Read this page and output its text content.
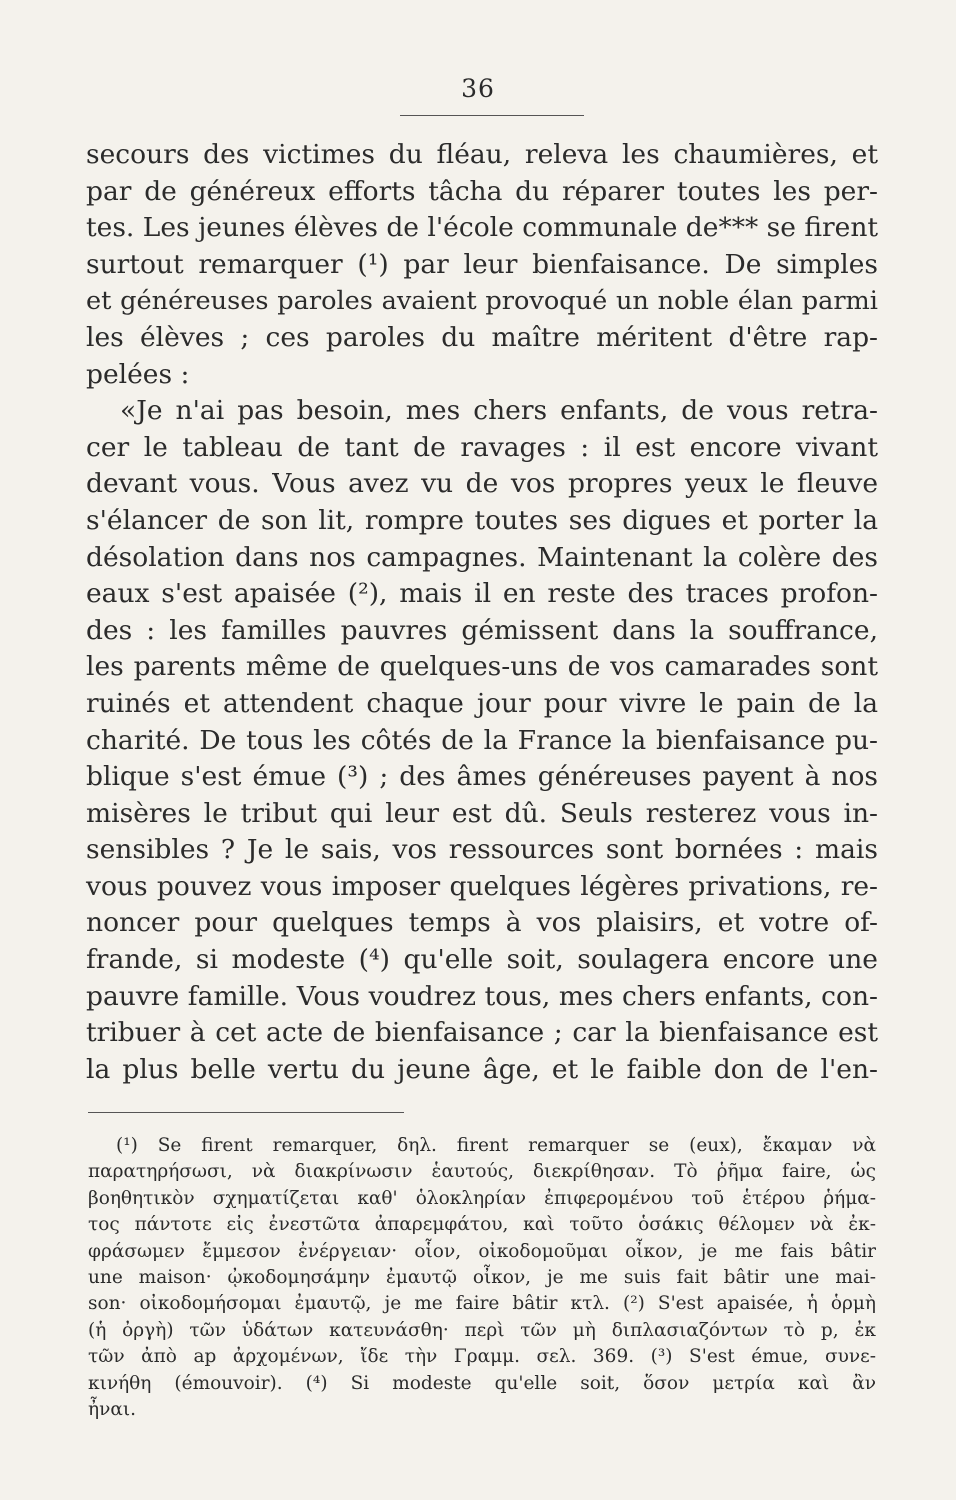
36
secours des victimes du fléau, releva les chaumières, et
par de généreux efforts tâcha du réparer toutes les per-
tes. Les jeunes élèves de l'école communale de*** se firent
surtout remarquer (¹) par leur bienfaisance. De simples
et généreuses paroles avaient provoqué un noble élan parmi
les élèves ; ces paroles du maître méritent d'être rap-
pelées :
«Je n'ai pas besoin, mes chers enfants, de vous retra-
cer le tableau de tant de ravages : il est encore vivant
devant vous. Vous avez vu de vos propres yeux le fleuve
s'élancer de son lit, rompre toutes ses digues et porter la
désolation dans nos campagnes. Maintenant la colère des
eaux s'est apaisée (²), mais il en reste des traces profon-
des : les familles pauvres gémissent dans la souffrance,
les parents même de quelques-uns de vos camarades sont
ruinés et attendent chaque jour pour vivre le pain de la
charité. De tous les côtés de la France la bienfaisance pu-
blique s'est émue (³) ; des âmes généreuses payent à nos
misères le tribut qui leur est dû. Seuls resterez vous in-
sensibles ? Je le sais, vos ressources sont bornées : mais
vous pouvez vous imposer quelques légères privations, re-
noncer pour quelques temps à vos plaisirs, et votre of-
frande, si modeste (⁴) qu'elle soit, soulagera encore une
pauvre famille. Vous voudrez tous, mes chers enfants, con-
tribuer à cet acte de bienfaisance ; car la bienfaisance est
la plus belle vertu du jeune âge, et le faible don de l'en-
(¹) Se firent remarquer, δηλ. firent remarquer se (eux), ἔκαμαν νὰ
παρατηρήσωσι, νὰ διακρίνωσιν ἑαυτούς, διεκρίθησαν. Τὸ ῥῆμα faire, ὡς
βοηθητικὸν σχηματίζεται καθ' ὁλοκληρίαν ἐπιφερομένου τοῦ ἑτέρου ῥήμα-
τος πάντοτε εἰς ἐνεστῶτα ἀπαρεμφάτου, καὶ τοῦτο ὁσάκις θέλομεν νὰ ἐκ-
φράσωμεν ἔμμεσον ἐνέργειαν· οἷον, οἰκοδομοῦμαι οἶκον, je me fais bâtir
une maison· ᾠκοδομησάμην ἐμαυτῷ οἶκον, je me suis fait bâtir une mai-
son· οἰκοδομήσομαι ἐμαυτῷ, je me faire bâtir κτλ. (²) S'est apaisée, ἡ ὁρμὴ
(ἡ ὀργὴ) τῶν ὑδάτων κατευνάσθη· περὶ τῶν μὴ διπλασιαζόντων τὸ p, ἐκ
τῶν ἀπὸ ap ἀρχομένων, ἴδε τὴν Γραμμ. σελ. 369. (³) S'est émue, συνε-
κινήθη (émouvoir). (⁴) Si modeste qu'elle soit, ὅσον μετρία καὶ ἂν
ἦναι.
